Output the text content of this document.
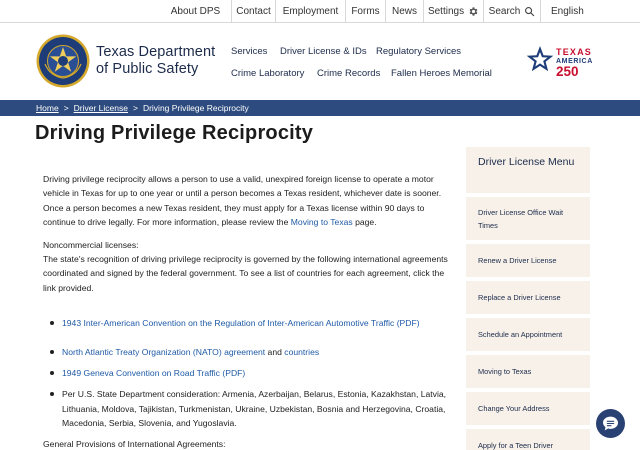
About DPS Contact Employment Forms News Settings Search	English
Texas Department
of Public Safety
Services Driver License & IDs Regulatory Services
Crime Laboratory Crime Records Fallen Heroes Memorial
TEXAS
AMERICA
250
Home > Driver License > Driving Privilege Reciprocity
Driving Privilege Reciprocity

Driving privilege reciprocity allows a person to use a valid, unexpired foreign license to operate a motor vehicle in Texas for up to one year or until a person becomes a Texas resident, whichever date is sooner. Once a person becomes a new Texas resident, they must apply for a Texas license within 90 days to continue to drive legally. For more information, please review the Moving to Texas page.

Noncommercial licenses:

The state's recognition of driving privilege reciprocity is governed by the following international agreements coordinated and signed by the federal government. To see a list of countries for each agreement, click the link provided.

1943 Inter-American Convention on the Regulation of Inter-American Automotive Traffic (PDF)
North Atlantic Treaty Organization (NATO) agreement and countries
1949 Geneva Convention on Road Traffic (PDF)
Per U.S. State Department consideration: Armenia, Azerbaijan, Belarus, Estonia, Kazakhstan, Latvia, Lithuania, Moldova, Tajikistan, Turkmenistan, Ukraine, Uzbekistan, Bosnia and Herzegovina, Croatia, Macedonia, Serbia, Slovenia, and Yugoslavia.

General Provisions of International Agreements:

Driver License Menu
Driver License Office Wait Times
Renew a Driver License
Replace a Driver License
Schedule an Appointment
Moving to Texas
Change Your Address
Apply for a Teen Driver
